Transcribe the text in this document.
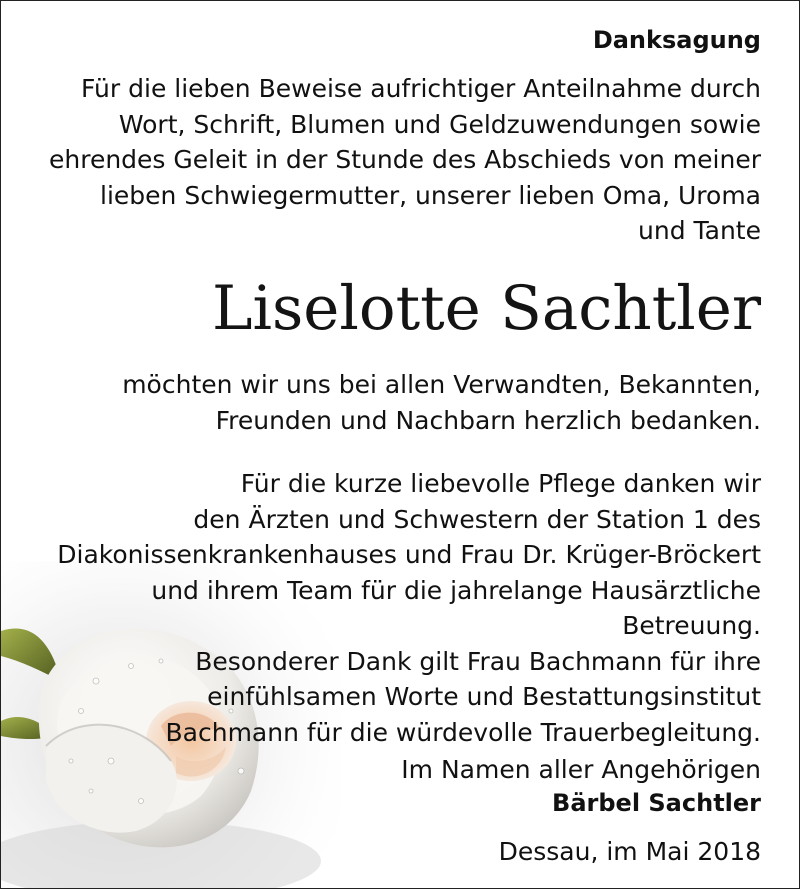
Danksagung
Für die lieben Beweise aufrichtiger Anteilnahme durch
Wort, Schrift, Blumen und Geldzuwendungen sowie
ehrendes Geleit in der Stunde des Abschieds von meiner
lieben Schwiegermutter, unserer lieben Oma, Uroma
und Tante
Liselotte Sachtler
möchten wir uns bei allen Verwandten, Bekannten,
Freunden und Nachbarn herzlich bedanken.
Für die kurze liebevolle Pflege danken wir
den Ärzten und Schwestern der Station 1 des
Diakonissenkrankenhauses und Frau Dr. Krüger-Bröckert
und ihrem Team für die jahrelange Hausärztliche
Betreuung.
Besonderer Dank gilt Frau Bachmann für ihre
einfühlsamen Worte und Bestattungsinstitut
Bachmann für die würdevolle Trauerbegleitung.
Im Namen aller Angehörigen
Bärbel Sachtler
Dessau, im Mai 2018
